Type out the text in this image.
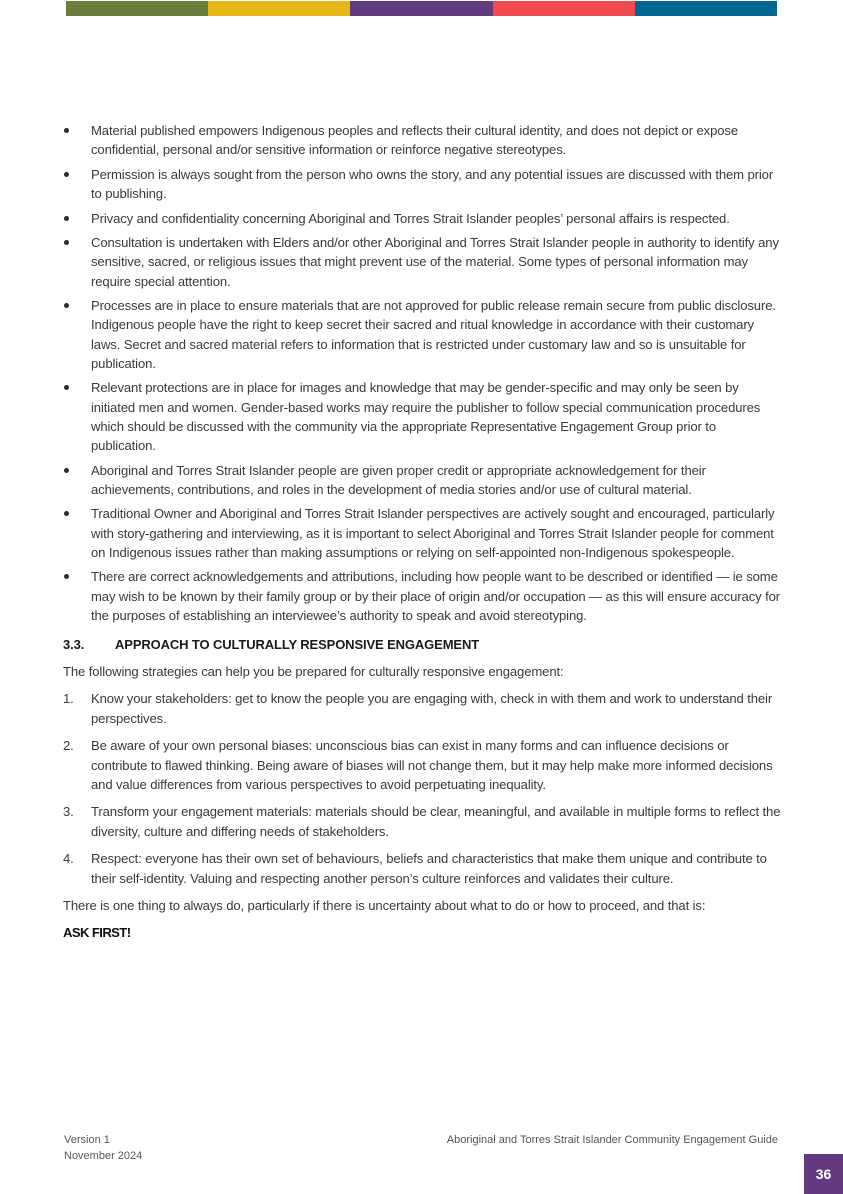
Material published empowers Indigenous peoples and reflects their cultural identity, and does not depict or expose confidential, personal and/or sensitive information or reinforce negative stereotypes.
Permission is always sought from the person who owns the story, and any potential issues are discussed with them prior to publishing.
Privacy and confidentiality concerning Aboriginal and Torres Strait Islander peoples’ personal affairs is respected.
Consultation is undertaken with Elders and/or other Aboriginal and Torres Strait Islander people in authority to identify any sensitive, sacred, or religious issues that might prevent use of the material. Some types of personal information may require special attention.
Processes are in place to ensure materials that are not approved for public release remain secure from public disclosure. Indigenous people have the right to keep secret their sacred and ritual knowledge in accordance with their customary laws. Secret and sacred material refers to information that is restricted under customary law and so is unsuitable for publication.
Relevant protections are in place for images and knowledge that may be gender-specific and may only be seen by initiated men and women. Gender-based works may require the publisher to follow special communication procedures which should be discussed with the community via the appropriate Representative Engagement Group prior to publication.
Aboriginal and Torres Strait Islander people are given proper credit or appropriate acknowledgement for their achievements, contributions, and roles in the development of media stories and/or use of cultural material.
Traditional Owner and Aboriginal and Torres Strait Islander perspectives are actively sought and encouraged, particularly with story-gathering and interviewing, as it is important to select Aboriginal and Torres Strait Islander people for comment on Indigenous issues rather than making assumptions or relying on self-appointed non-Indigenous spokespeople.
There are correct acknowledgements and attributions, including how people want to be described or identified — ie some may wish to be known by their family group or by their place of origin and/or occupation — as this will ensure accuracy for the purposes of establishing an interviewee’s authority to speak and avoid stereotyping.
3.3.	APPROACH TO CULTURALLY RESPONSIVE ENGAGEMENT

The following strategies can help you be prepared for culturally responsive engagement:

1. Know your stakeholders: get to know the people you are engaging with, check in with them and work to understand their perspectives.
2. Be aware of your own personal biases: unconscious bias can exist in many forms and can influence decisions or contribute to flawed thinking. Being aware of biases will not change them, but it may help make more informed decisions and value differences from various perspectives to avoid perpetuating inequality.
3. Transform your engagement materials: materials should be clear, meaningful, and available in multiple forms to reflect the diversity, culture and differing needs of stakeholders.
4. Respect: everyone has their own set of behaviours, beliefs and characteristics that make them unique and contribute to their self-identity. Valuing and respecting another person’s culture reinforces and validates their culture.

There is one thing to always do, particularly if there is uncertainty about what to do or how to proceed, and that is:

ASK FIRST!
Version 1
November 2024
Aboriginal and Torres Strait Islander Community Engagement Guide
36
